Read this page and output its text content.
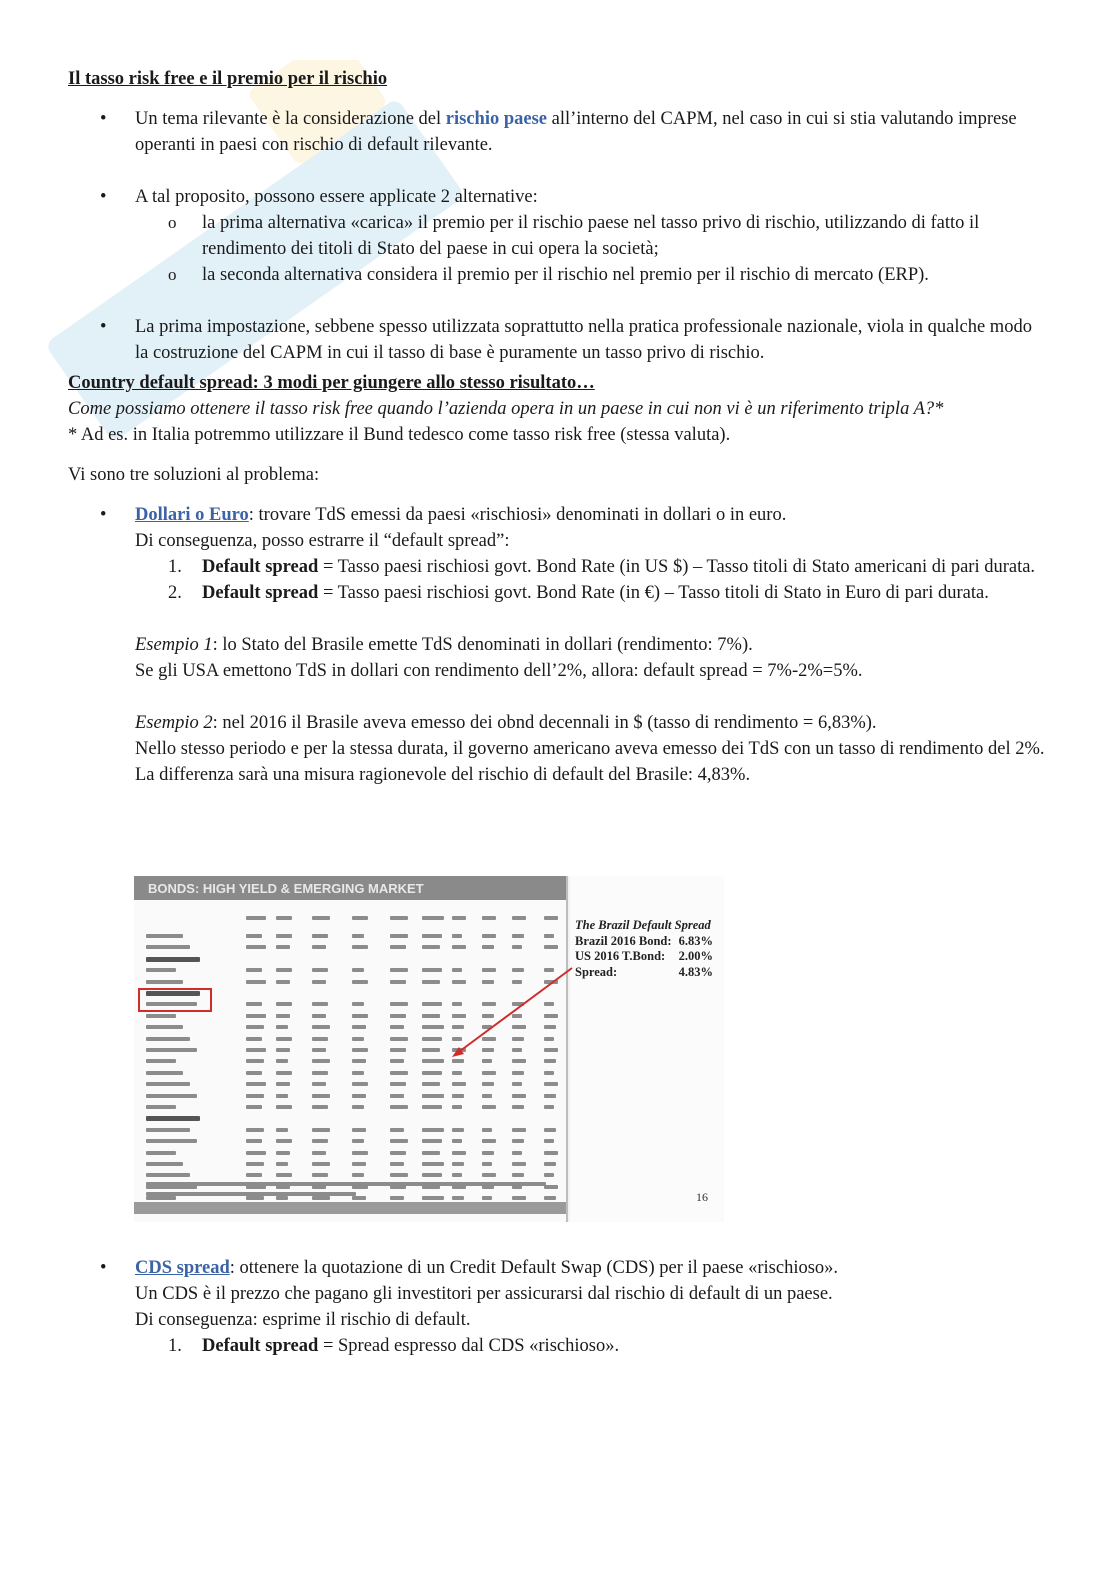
Il tasso risk free e il premio per il rischio

• Un tema rilevante è la considerazione del rischio paese all’interno del CAPM, nel caso in cui si stia valutando imprese operanti in paesi con rischio di default rilevante.

• A tal proposito, possono essere applicate 2 alternative:

o la prima alternativa «carica» il premio per il rischio paese nel tasso privo di rischio, utilizzando di fatto il rendimento dei titoli di Stato del paese in cui opera la società;

o la seconda alternativa considera il premio per il rischio nel premio per il rischio di mercato (ERP).

• La prima impostazione, sebbene spesso utilizzata soprattutto nella pratica professionale nazionale, viola in qualche modo la costruzione del CAPM in cui il tasso di base è puramente un tasso privo di rischio.

Country default spread: 3 modi per giungere allo stesso risultato…

Come possiamo ottenere il tasso risk free quando l’azienda opera in un paese in cui non vi è un riferimento tripla A?*

* Ad es. in Italia potremmo utilizzare il Bund tedesco come tasso risk free (stessa valuta).

Vi sono tre soluzioni al problema:

• Dollari o Euro: trovare TdS emessi da paesi «rischiosi» denominati in dollari o in euro.

Di conseguenza, posso estrarre il “default spread”:

1. Default spread = Tasso paesi rischiosi govt. Bond Rate (in US $) – Tasso titoli di Stato americani di pari durata.

2. Default spread = Tasso paesi rischiosi govt. Bond Rate (in €) – Tasso titoli di Stato in Euro di pari durata.

Esempio 1: lo Stato del Brasile emette TdS denominati in dollari (rendimento: 7%).

Se gli USA emettono TdS in dollari con rendimento dell’2%, allora: default spread = 7%-2%=5%.

Esempio 2: nel 2016 il Brasile aveva emesso dei obnd decennali in $ (tasso di rendimento = 6,83%).

Nello stesso periodo e per la stessa durata, il governo americano aveva emesso dei TdS con un tasso di rendimento del 2%.

La differenza sarà una misura ragionevole del rischio di default del Brasile: 4,83%.

BONDS: HIGH YIELD & EMERGING MARKET
The Brazil Default Spread
Brazil 2016 Bond: 6.83%
US 2016 T.Bond: 2.00%
Spread:	4.83%
16
• CDS spread: ottenere la quotazione di un Credit Default Swap (CDS) per il paese «rischioso».

Un CDS è il prezzo che pagano gli investitori per assicurarsi dal rischio di default di un paese.

Di conseguenza: esprime il rischio di default.

1. Default spread = Spread espresso dal CDS «rischioso».
